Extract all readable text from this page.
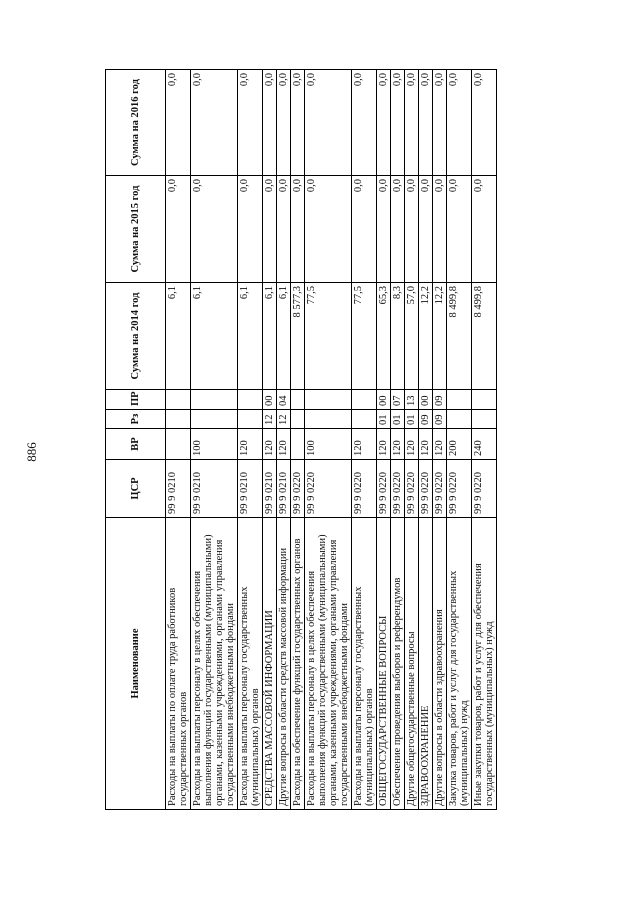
886
Наименование	ЦСР	ВР	Рз	ПР	Сумма на 2014 год	Сумма на 2015 год	Сумма на 2016 год
Расходы на выплаты по оплате труда работников государственных органов	99 9 0210				6,1	0,0	0,0
Расходы на выплаты персоналу в целях обеспечения выполнения функций государственными (муниципальными) органами, казенными учреждениями, органами управления государственными внебюджетными фондами	99 9 0210	100			6,1	0,0	0,0
Расходы на выплаты персоналу государственных (муниципальных) органов	99 9 0210	120			6,1	0,0	0,0
СРЕДСТВА МАССОВОЙ ИНФОРМАЦИИ	99 9 0210	120	12	00	6,1	0,0	0,0
Другие вопросы в области средств массовой информации	99 9 0210	120	12	04	6,1	0,0	0,0
Расходы на обеспечение функций государственных органов	99 9 0220				8 577,3	0,0	0,0
Расходы на выплаты персоналу в целях обеспечения выполнения функций государственными (муниципальными) органами, казенными учреждениями, органами управления государственными внебюджетными фондами	99 9 0220	100			77,5	0,0	0,0
Расходы на выплаты персоналу государственных (муниципальных) органов	99 9 0220	120			77,5	0,0	0,0
ОБЩЕГОСУДАРСТВЕННЫЕ ВОПРОСЫ	99 9 0220	120	01	00	65,3	0,0	0,0
Обеспечение проведения выборов и референдумов	99 9 0220	120	01	07	8,3	0,0	0,0
Другие общегосударственные вопросы	99 9 0220	120	01	13	57,0	0,0	0,0
ЗДРАВООХРАНЕНИЕ	99 9 0220	120	09	00	12,2	0,0	0,0
Другие вопросы в области здравоохранения	99 9 0220	120	09	09	12,2	0,0	0,0
Закупка товаров, работ и услуг для государственных (муниципальных) нужд	99 9 0220	200			8 499,8	0,0	0,0
Иные закупки товаров, работ и услуг для обеспечения государственных (муниципальных) нужд	99 9 0220	240			8 499,8	0,0	0,0
